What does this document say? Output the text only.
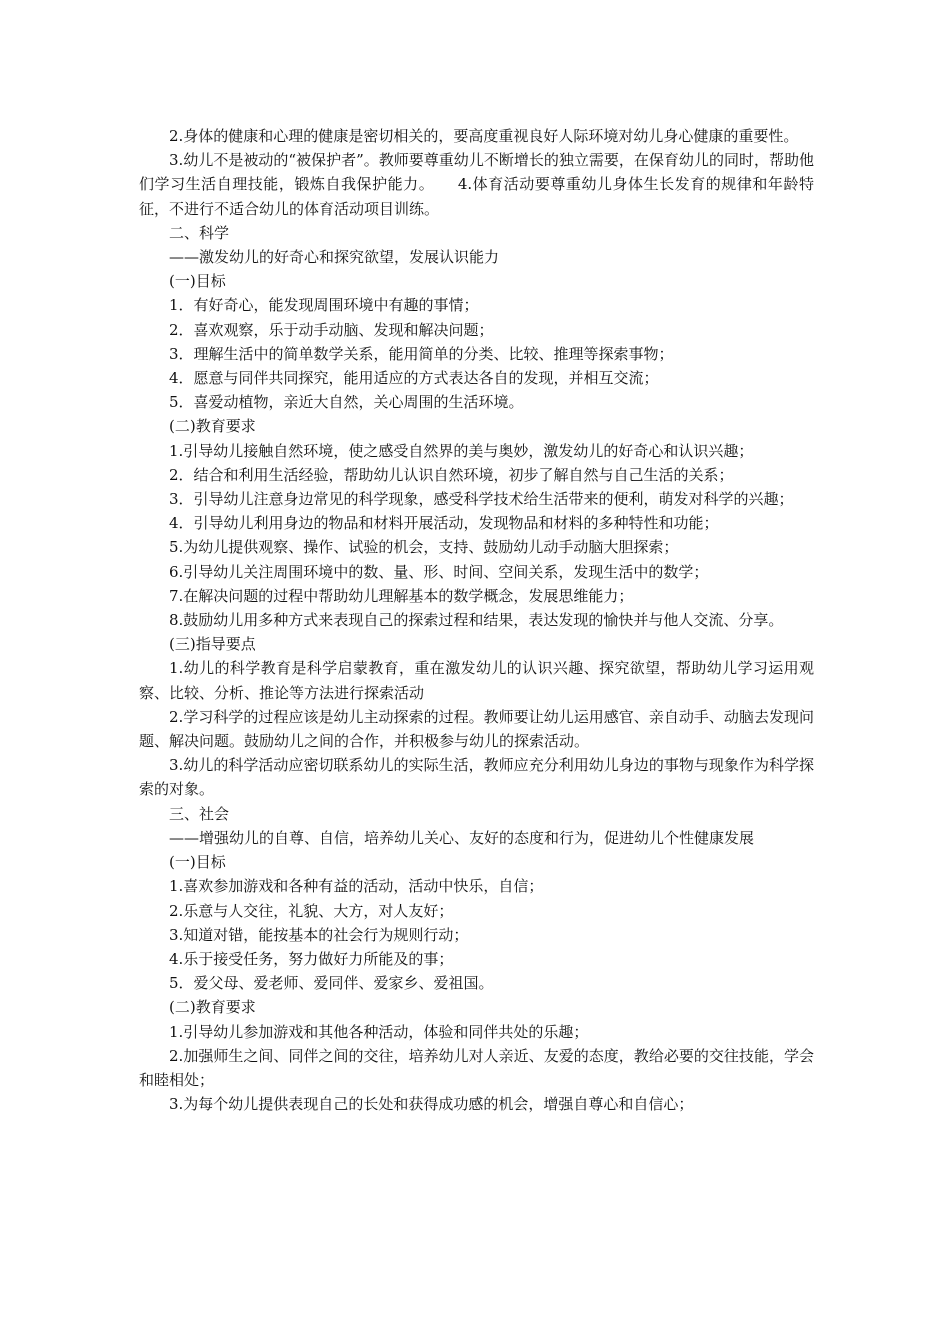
2.身体的健康和心理的健康是密切相关的，要高度重视良好人际环境对幼儿身心健康的重要性。

3.幼儿不是被动的“被保护者”。教师要尊重幼儿不断增长的独立需要，在保育幼儿的同时，帮助他们学习生活自理技能，锻炼自我保护能力。　　4.体育活动要尊重幼儿身体生长发育的规律和年龄特征，不进行不适合幼儿的体育活动项目训练。

二、科学

——激发幼儿的好奇心和探究欲望，发展认识能力

(一)目标

1．有好奇心，能发现周围环境中有趣的事情；

2．喜欢观察，乐于动手动脑、发现和解决问题；

3．理解生活中的简单数学关系，能用简单的分类、比较、推理等探索事物；

4．愿意与同伴共同探究，能用适应的方式表达各自的发现，并相互交流；

5．喜爱动植物，亲近大自然，关心周围的生活环境。

(二)教育要求

1.引导幼儿接触自然环境，使之感受自然界的美与奥妙，激发幼儿的好奇心和认识兴趣；

2．结合和利用生活经验，帮助幼儿认识自然环境，初步了解自然与自己生活的关系；

3．引导幼儿注意身边常见的科学现象，感受科学技术给生活带来的便利，萌发对科学的兴趣；

4．引导幼儿利用身边的物品和材料开展活动，发现物品和材料的多种特性和功能；

5.为幼儿提供观察、操作、试验的机会，支持、鼓励幼儿动手动脑大胆探索；

6.引导幼儿关注周围环境中的数、量、形、时间、空间关系，发现生活中的数学；

7.在解决问题的过程中帮助幼儿理解基本的数学概念，发展思维能力；

8.鼓励幼儿用多种方式来表现自己的探索过程和结果，表达发现的愉快并与他人交流、分享。

(三)指导要点

1.幼儿的科学教育是科学启蒙教育，重在激发幼儿的认识兴趣、探究欲望，帮助幼儿学习运用观察、比较、分析、推论等方法进行探索活动

2.学习科学的过程应该是幼儿主动探索的过程。教师要让幼儿运用感官、亲自动手、动脑去发现问题、解决问题。鼓励幼儿之间的合作，并积极参与幼儿的探索活动。

3.幼儿的科学活动应密切联系幼儿的实际生活，教师应充分利用幼儿身边的事物与现象作为科学探索的对象。

三、社会

——增强幼儿的自尊、自信，培养幼儿关心、友好的态度和行为，促进幼儿个性健康发展

(一)目标

1.喜欢参加游戏和各种有益的活动，活动中快乐，自信；

2.乐意与人交往，礼貌、大方，对人友好；

3.知道对错，能按基本的社会行为规则行动；

4.乐于接受任务，努力做好力所能及的事；

5．爱父母、爱老师、爱同伴、爱家乡、爱祖国。

(二)教育要求

1.引导幼儿参加游戏和其他各种活动，体验和同伴共处的乐趣；

2.加强师生之间、同伴之间的交往，培养幼儿对人亲近、友爱的态度，教给必要的交往技能，学会和睦相处；

3.为每个幼儿提供表现自己的长处和获得成功感的机会，增强自尊心和自信心；
